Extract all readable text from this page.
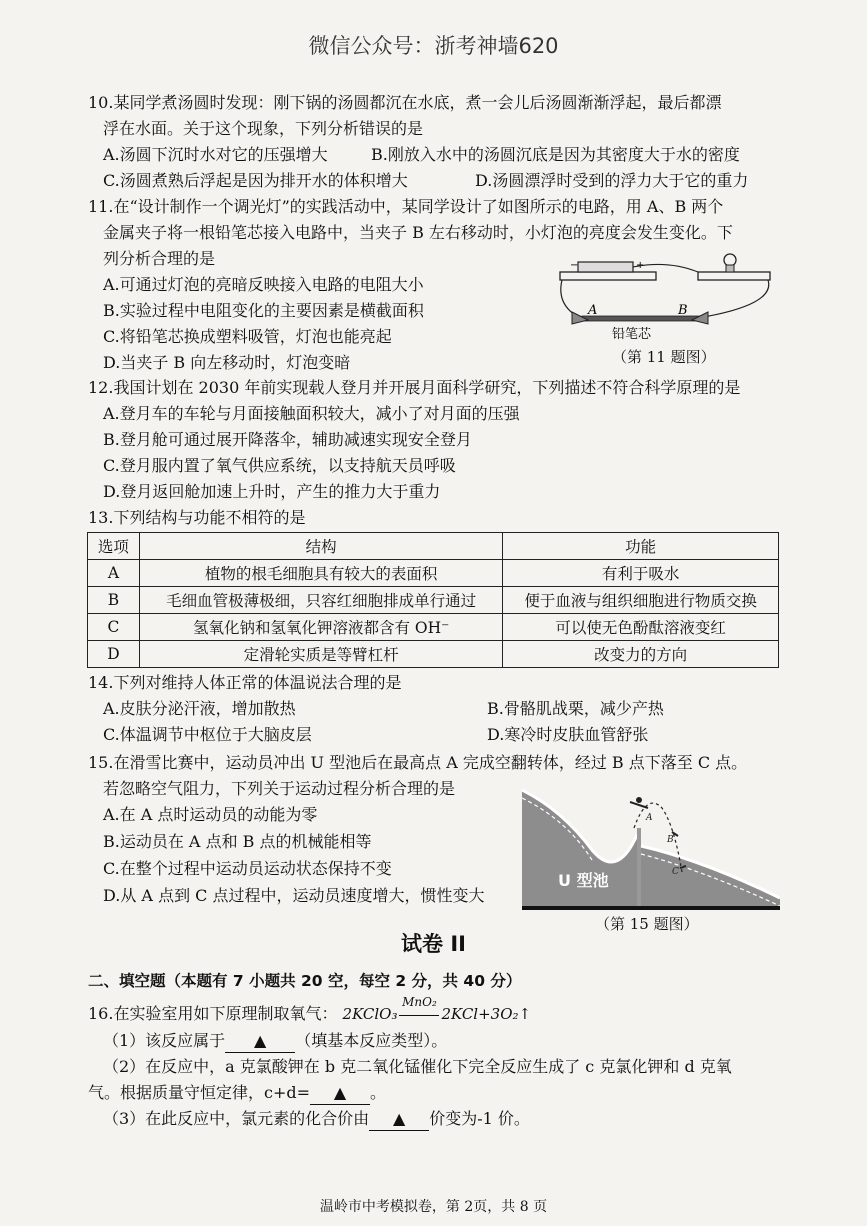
微信公众号：浙考神墙620
10.某同学煮汤圆时发现：刚下锅的汤圆都沉在水底，煮一会儿后汤圆渐渐浮起，最后都漂
浮在水面。关于这个现象，下列分析错误的是
A.汤圆下沉时水对它的压强增大	B.刚放入水中的汤圆沉底是因为其密度大于水的密度
C.汤圆煮熟后浮起是因为排开水的体积增大	D.汤圆漂浮时受到的浮力大于它的重力
11.在“设计制作一个调光灯”的实践活动中，某同学设计了如图所示的电路，用 A、B 两个
金属夹子将一根铅笔芯接入电路中，当夹子 B 左右移动时，小灯泡的亮度会发生变化。下
列分析合理的是
A.可通过灯泡的亮暗反映接入电路的电阻大小
B.实验过程中电阻变化的主要因素是横截面积
C.将铅笔芯换成塑料吸管，灯泡也能亮起
D.当夹子 B 向左移动时，灯泡变暗
−	+
A	B
铅笔芯
（第 11 题图）
12.我国计划在 2030 年前实现载人登月并开展月面科学研究，下列描述不符合科学原理的是
A.登月车的车轮与月面接触面积较大，减小了对月面的压强
B.登月舱可通过展开降落伞，辅助减速实现安全登月
C.登月服内置了氧气供应系统，以支持航天员呼吸
D.登月返回舱加速上升时，产生的推力大于重力
13.下列结构与功能不相符的是
选项	结构	功能
A	植物的根毛细胞具有较大的表面积	有利于吸水
B	毛细血管极薄极细，只容红细胞排成单行通过	便于血液与组织细胞进行物质交换
C	氢氧化钠和氢氧化钾溶液都含有 OH⁻	可以使无色酚酞溶液变红
D	定滑轮实质是等臂杠杆	改变力的方向
14.下列对维持人体正常的体温说法合理的是
A.皮肤分泌汗液，增加散热	B.骨骼肌战栗，减少产热
C.体温调节中枢位于大脑皮层	D.寒冷时皮肤血管舒张
15.在滑雪比赛中，运动员冲出 U 型池后在最高点 A 完成空翻转体，经过 B 点下落至 C 点。
若忽略空气阻力，下列关于运动过程分析合理的是
A.在 A 点时运动员的动能为零
B.运动员在 A 点和 B 点的机械能相等
C.在整个过程中运动员运动状态保持不变
D.从 A 点到 C 点过程中，运动员速度增大，惯性变大
A
B
C
U 型池
（第 15 题图）
试卷 II
二、填空题（本题有 7 小题共 20 空，每空 2 分，共 40 分）
16.在实验室用如下原理制取氧气： 2KClO₃
MnO₂
2KCl+3O₂↑
（1）该反应属于 ▲ （填基本反应类型）。
（2）在反应中，a 克氯酸钾在 b 克二氧化锰催化下完全反应生成了 c 克氯化钾和 d 克氧
气。根据质量守恒定律，c+d= ▲ 。
（3）在此反应中，氯元素的化合价由 ▲ 价变为-1 价。
温岭市中考模拟卷，第 2页，共 8 页
